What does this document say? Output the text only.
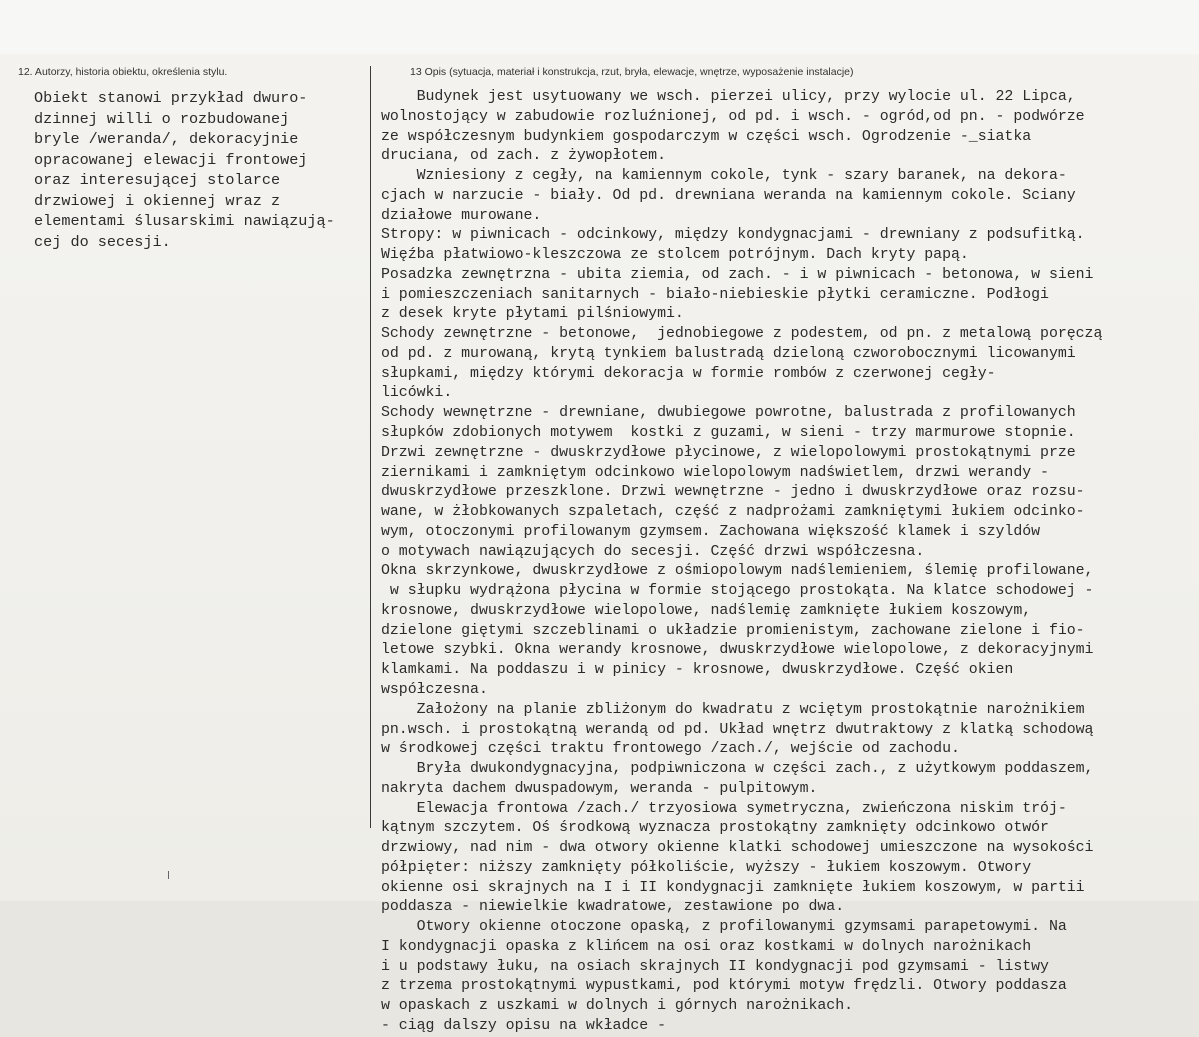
12. Autorzy, historia obiektu, określenia stylu.	13 Opis (sytuacja, materiał i konstrukcja, rzut, bryła, elewacje, wnętrze, wyposażenie instalacje)
Obiekt stanowi przykład dwuro-
dzinnej willi o rozbudowanej
bryle /weranda/, dekoracyjnie
opracowanej elewacji frontowej
oraz interesującej stolarce
drzwiowej i okiennej wraz z
elementami ślusarskimi nawiązują-
cej do secesji.
Budynek jest usytuowany we wsch. pierzei ulicy, przy wylocie ul. 22 Lipca,
wolnostojący w zabudowie rozluźnionej, od pd. i wsch. - ogród,od pn. - podwórze
ze współczesnym budynkiem gospodarczym w części wsch. Ogrodzenie -_siatka
druciana, od zach. z żywopłotem.
Wzniesiony z cegły, na kamiennym cokole, tynk - szary baranek, na dekora-
cjach w narzucie - biały. Od pd. drewniana weranda na kamiennym cokole. Sciany
działowe murowane.
Stropy: w piwnicach - odcinkowy, między kondygnacjami - drewniany z podsufitką.
Więźba płatwiowo-kleszczowa ze stolcem potrójnym. Dach kryty papą.
Posadzka zewnętrzna - ubita ziemia, od zach. - i w piwnicach - betonowa, w sieni
i pomieszczeniach sanitarnych - biało-niebieskie płytki ceramiczne. Podłogi
z desek kryte płytami pilśniowymi.
Schody zewnętrzne - betonowe,  jednobiegowe z podestem, od pn. z metalową poręczą
od pd. z murowaną, krytą tynkiem balustradą dzieloną czworobocznymi licowanymi
słupkami, między którymi dekoracja w formie rombów z czerwonej cegły-
licówki.
Schody wewnętrzne - drewniane, dwubiegowe powrotne, balustrada z profilowanych
słupków zdobionych motywem  kostki z guzami, w sieni - trzy marmurowe stopnie.
Drzwi zewnętrzne - dwuskrzydłowe płycinowe, z wielopolowymi prostokątnymi prze
ziernikami i zamkniętym odcinkowo wielopolowym nadświetlem, drzwi werandy -
dwuskrzydłowe przeszklone. Drzwi wewnętrzne - jedno i dwuskrzydłowe oraz rozsu-
wane, w żłobkowanych szpaletach, część z nadprożami zamkniętymi łukiem odcinko-
wym, otoczonymi profilowanym gzymsem. Zachowana większość klamek i szyldów
o motywach nawiązujących do secesji. Część drzwi współczesna.
Okna skrzynkowe, dwuskrzydłowe z ośmiopolowym nadślemieniem, ślemię profilowane,
w słupku wydrążona płycina w formie stojącego prostokąta. Na klatce schodowej -
krosnowe, dwuskrzydłowe wielopolowe, nadślemię zamknięte łukiem koszowym,
dzielone giętymi szczeblinami o układzie promienistym, zachowane zielone i fio-
letowe szybki. Okna werandy krosnowe, dwuskrzydłowe wielopolowe, z dekoracyjnymi
klamkami. Na poddaszu i w pinicy - krosnowe, dwuskrzydłowe. Część okien
współczesna.
Założony na planie zbliżonym do kwadratu z wciętym prostokątnie narożnikiem
pn.wsch. i prostokątną werandą od pd. Układ wnętrz dwutraktowy z klatką schodową
w środkowej części traktu frontowego /zach./, wejście od zachodu.
Bryła dwukondygnacyjna, podpiwniczona w części zach., z użytkowym poddaszem,
nakryta dachem dwuspadowym, weranda - pulpitowym.
Elewacja frontowa /zach./ trzyosiowa symetryczna, zwieńczona niskim trój-
kątnym szczytem. Oś środkową wyznacza prostokątny zamknięty odcinkowo otwór
drzwiowy, nad nim - dwa otwory okienne klatki schodowej umieszczone na wysokości
półpięter: niższy zamknięty półkoliście, wyższy - łukiem koszowym. Otwory
okienne osi skrajnych na I i II kondygnacji zamknięte łukiem koszowym, w partii
poddasza - niewielkie kwadratowe, zestawione po dwa.
Otwory okienne otoczone opaską, z profilowanymi gzymsami parapetowymi. Na
I kondygnacji opaska z klińcem na osi oraz kostkami w dolnych narożnikach
i u podstawy łuku, na osiach skrajnych II kondygnacji pod gzymsami - listwy
z trzema prostokątnymi wypustkami, pod którymi motyw frędzli. Otwory poddasza
w opaskach z uszkami w dolnych i górnych narożnikach.
- ciąg dalszy opisu na wkładce -
